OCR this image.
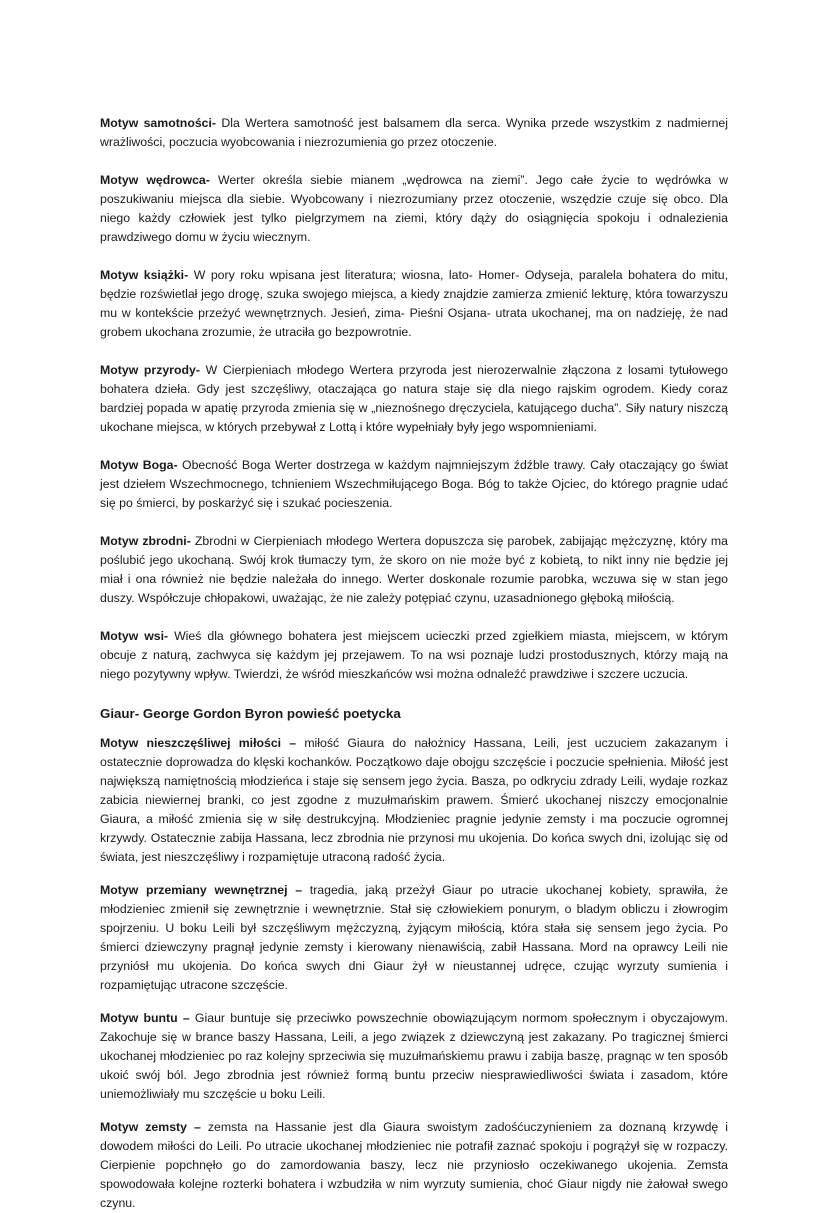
Motyw samotności- Dla Wertera samotność jest balsamem dla serca. Wynika przede wszystkim z nadmiernej wrażliwości, poczucia wyobcowania i niezrozumienia go przez otoczenie.

Motyw wędrowca- Werter określa siebie mianem „wędrowca na ziemi”. Jego całe życie to wędrówka w poszukiwaniu miejsca dla siebie. Wyobcowany i niezrozumiany przez otoczenie, wszędzie czuje się obco. Dla niego każdy człowiek jest tylko pielgrzymem na ziemi, który dąży do osiągnięcia spokoju i odnalezienia prawdziwego domu w życiu wiecznym.

Motyw książki- W pory roku wpisana jest literatura; wiosna, lato- Homer- Odyseja, paralela bohatera do mitu, będzie rozświetlał jego drogę, szuka swojego miejsca, a kiedy znajdzie zamierza zmienić lekturę, która towarzyszu mu w kontekście przeżyć wewnętrznych. Jesień, zima- Pieśni Osjana- utrata ukochanej, ma on nadzieję, że nad grobem ukochana zrozumie, że utraciła go bezpowrotnie.

Motyw przyrody- W Cierpieniach młodego Wertera przyroda jest nierozerwalnie złączona z losami tytułowego bohatera dzieła. Gdy jest szczęśliwy, otaczająca go natura staje się dla niego rajskim ogrodem. Kiedy coraz bardziej popada w apatię przyroda zmienia się w „nieznośnego dręczyciela, katującego ducha”. Siły natury niszczą ukochane miejsca, w których przebywał z Lottą i które wypełniały były jego wspomnieniami.

Motyw Boga- Obecność Boga Werter dostrzega w każdym najmniejszym źdźble trawy. Cały otaczający go świat jest dziełem Wszechmocnego, tchnieniem Wszechmiłującego Boga. Bóg to także Ojciec, do którego pragnie udać się po śmierci, by poskarżyć się i szukać pocieszenia.

Motyw zbrodni- Zbrodni w Cierpieniach młodego Wertera dopuszcza się parobek, zabijając mężczyznę, który ma poślubić jego ukochaną. Swój krok tłumaczy tym, że skoro on nie może być z kobietą, to nikt inny nie będzie jej miał i ona również nie będzie należała do innego. Werter doskonale rozumie parobka, wczuwa się w stan jego duszy. Współczuje chłopakowi, uważając, że nie zależy potępiać czynu, uzasadnionego głęboką miłością.

Motyw wsi- Wieś dla głównego bohatera jest miejscem ucieczki przed zgiełkiem miasta, miejscem, w którym obcuje z naturą, zachwyca się każdym jej przejawem. To na wsi poznaje ludzi prostodusznych, którzy mają na niego pozytywny wpływ. Twierdzi, że wśród mieszkańców wsi można odnaleźć prawdziwe i szczere uczucia.

Giaur- George Gordon Byron powieść poetycka

Motyw nieszczęśliwej miłości – miłość Giaura do nałożnicy Hassana, Leili, jest uczuciem zakazanym i ostatecznie doprowadza do klęski kochanków. Początkowo daje obojgu szczęście i poczucie spełnienia. Miłość jest największą namiętnością młodzieńca i staje się sensem jego życia. Basza, po odkryciu zdrady Leili, wydaje rozkaz zabicia niewiernej branki, co jest zgodne z muzułmańskim prawem. Śmierć ukochanej niszczy emocjonalnie Giaura, a miłość zmienia się w siłę destrukcyjną. Młodzieniec pragnie jedynie zemsty i ma poczucie ogromnej krzywdy. Ostatecznie zabija Hassana, lecz zbrodnia nie przynosi mu ukojenia. Do końca swych dni, izolując się od świata, jest nieszczęśliwy i rozpamiętuje utraconą radość życia.

Motyw przemiany wewnętrznej – tragedia, jaką przeżył Giaur po utracie ukochanej kobiety, sprawiła, że młodzieniec zmienił się zewnętrznie i wewnętrznie. Stał się człowiekiem ponurym, o bladym obliczu i złowrogim spojrzeniu. U boku Leili był szczęśliwym mężczyzną, żyjącym miłością, która stała się sensem jego życia. Po śmierci dziewczyny pragnął jedynie zemsty i kierowany nienawiścią, zabił Hassana. Mord na oprawcy Leili nie przyniósł mu ukojenia. Do końca swych dni Giaur żył w nieustannej udręce, czując wyrzuty sumienia i rozpamiętując utracone szczęście.

Motyw buntu – Giaur buntuje się przeciwko powszechnie obowiązującym normom społecznym i obyczajowym. Zakochuje się w brance baszy Hassana, Leili, a jego związek z dziewczyną jest zakazany. Po tragicznej śmierci ukochanej młodzieniec po raz kolejny sprzeciwia się muzułmańskiemu prawu i zabija baszę, pragnąc w ten sposób ukoić swój ból. Jego zbrodnia jest również formą buntu przeciw niesprawiedliwości świata i zasadom, które uniemożliwiały mu szczęście u boku Leili.

Motyw zemsty – zemsta na Hassanie jest dla Giaura swoistym zadośćuczynieniem za doznaną krzywdę i dowodem miłości do Leili. Po utracie ukochanej młodzieniec nie potrafił zaznać spokoju i pogrążył się w rozpaczy. Cierpienie popchnęło go do zamordowania baszy, lecz nie przyniosło oczekiwanego ukojenia. Zemsta spowodowała kolejne rozterki bohatera i wzbudziła w nim wyrzuty sumienia, choć Giaur nigdy nie żałował swego czynu.
